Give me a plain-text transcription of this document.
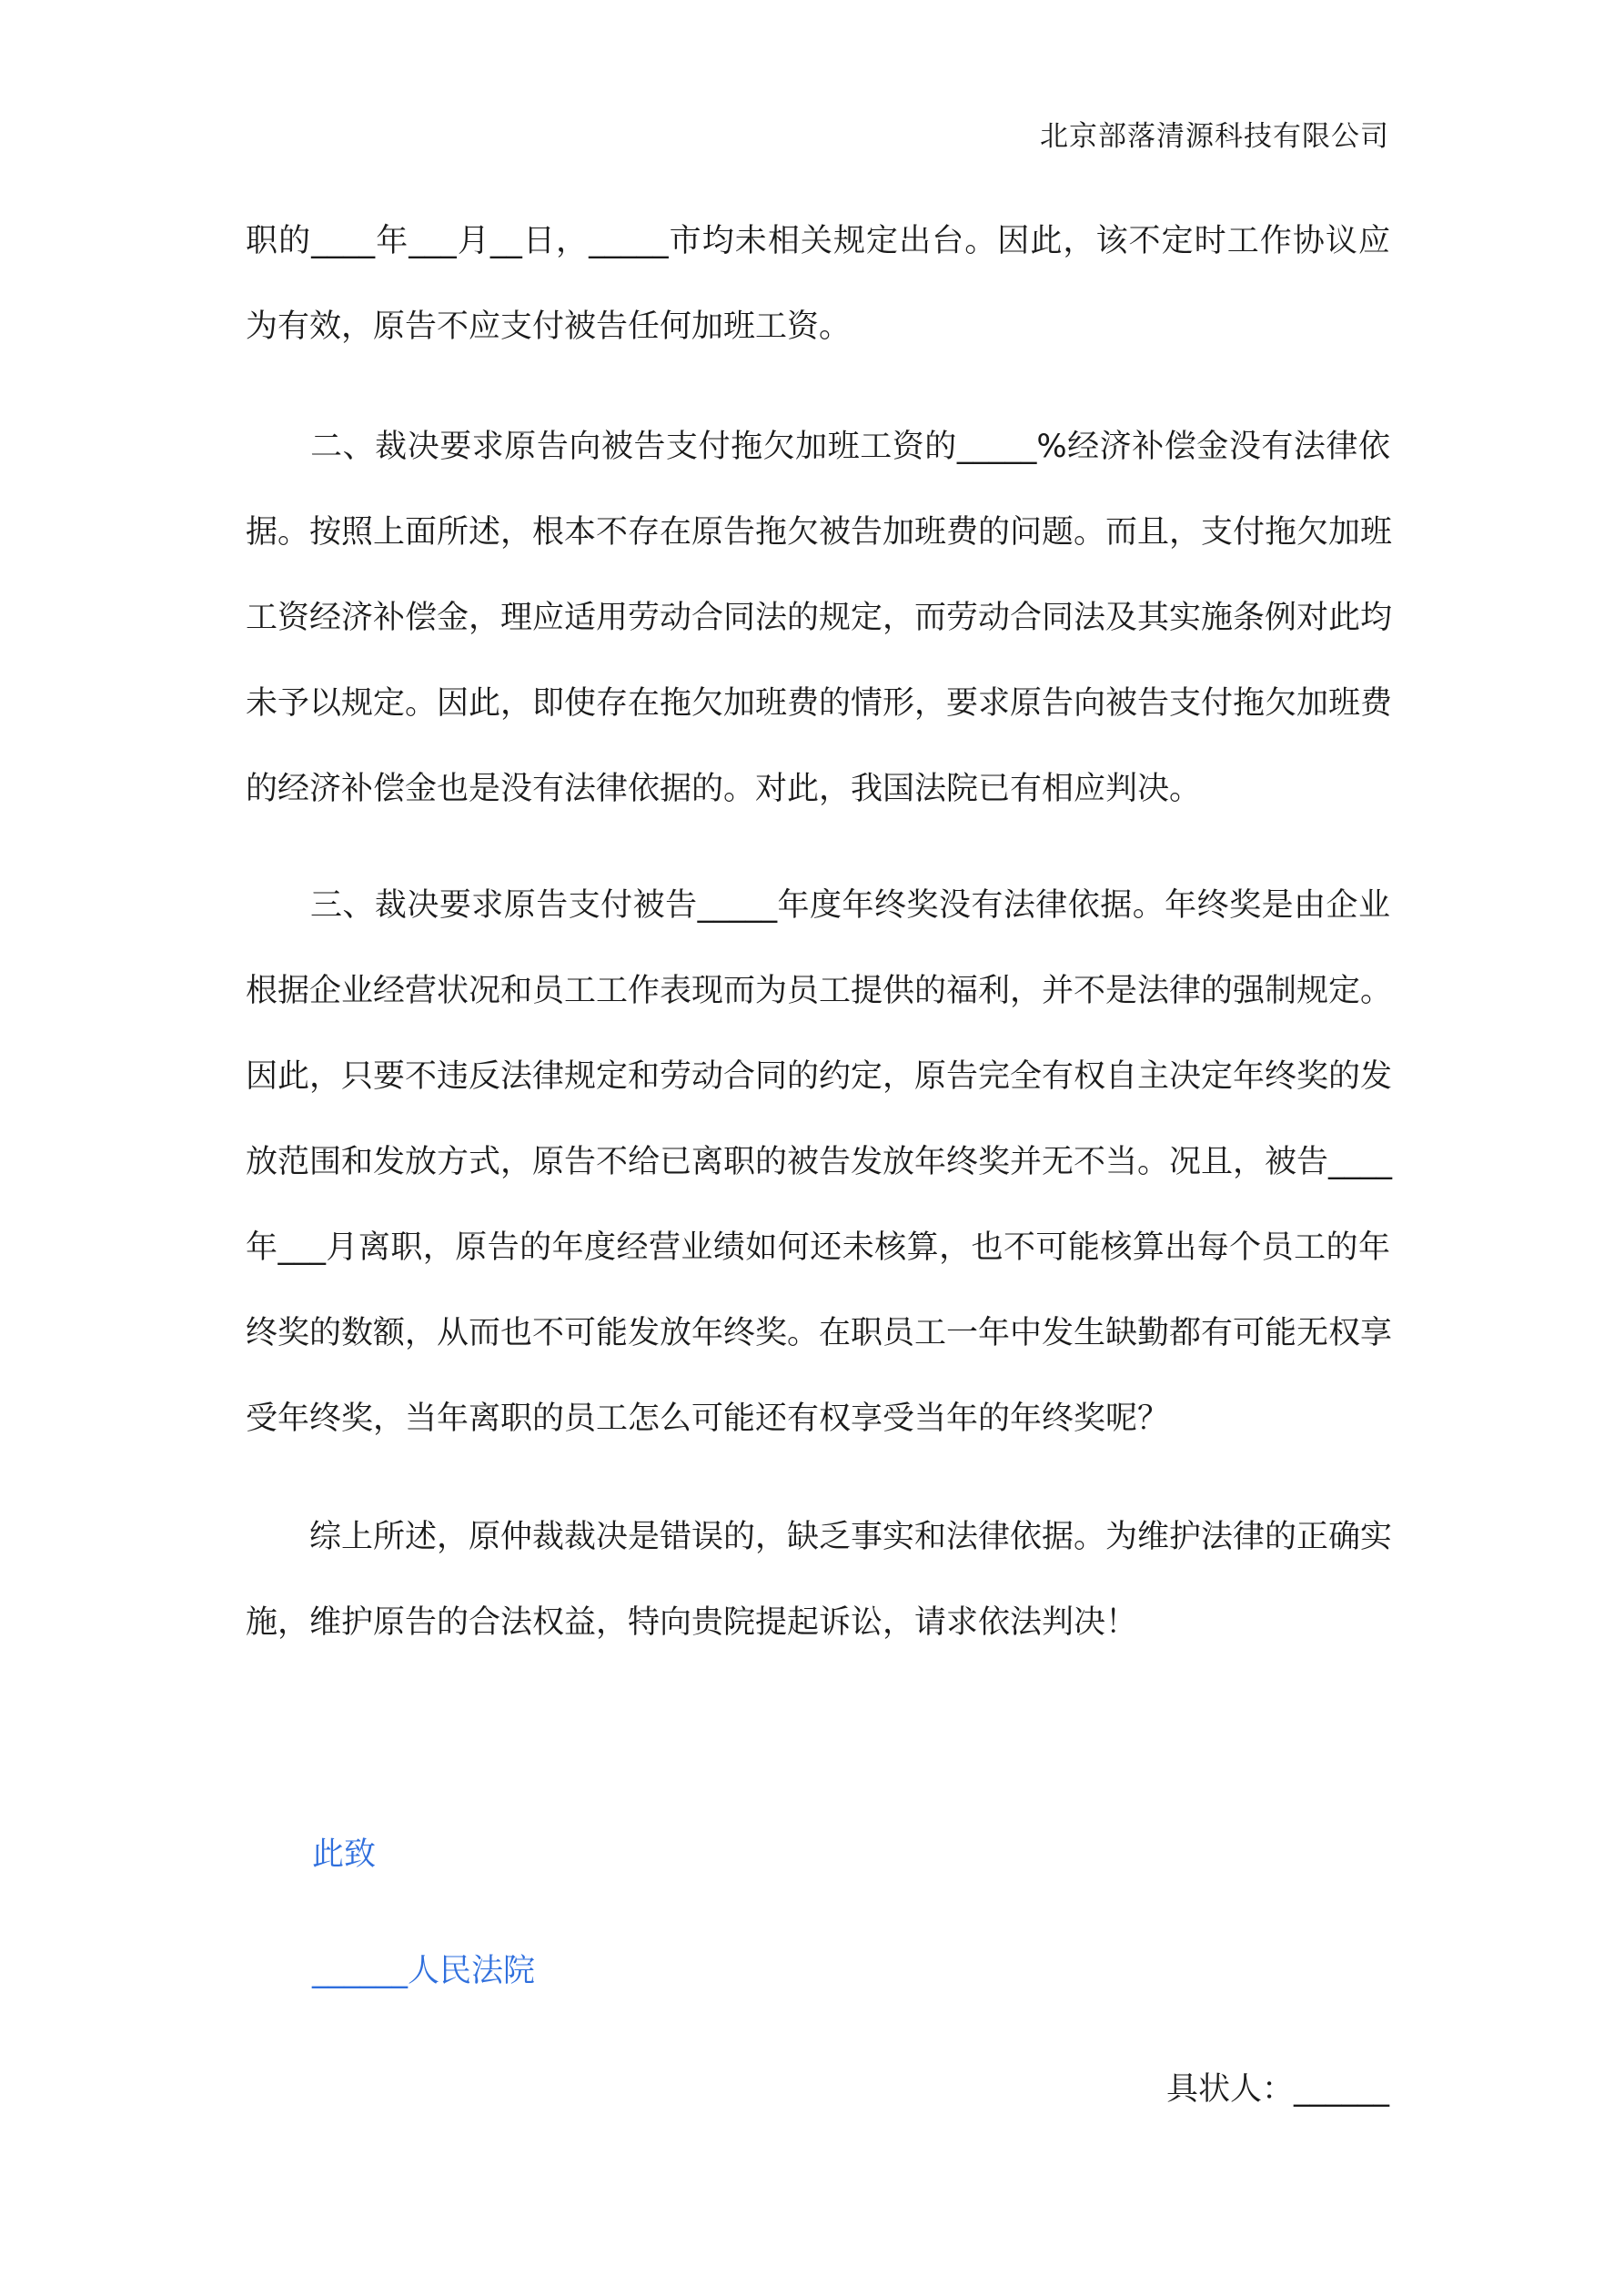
北京部落清源科技有限公司
职的____年___月__日，_____市均未相关规定出台。因此，该不定时工作协议应
为有效，原告不应支付被告任何加班工资。
　　二、裁决要求原告向被告支付拖欠加班工资的_____%经济补偿金没有法律依
据。按照上面所述，根本不存在原告拖欠被告加班费的问题。而且，支付拖欠加班
工资经济补偿金，理应适用劳动合同法的规定，而劳动合同法及其实施条例对此均
未予以规定。因此，即使存在拖欠加班费的情形，要求原告向被告支付拖欠加班费
的经济补偿金也是没有法律依据的。对此，我国法院已有相应判决。
　　三、裁决要求原告支付被告_____年度年终奖没有法律依据。年终奖是由企业
根据企业经营状况和员工工作表现而为员工提供的福利，并不是法律的强制规定。
因此，只要不违反法律规定和劳动合同的约定，原告完全有权自主决定年终奖的发
放范围和发放方式，原告不给已离职的被告发放年终奖并无不当。况且，被告____
年___月离职，原告的年度经营业绩如何还未核算，也不可能核算出每个员工的年
终奖的数额，从而也不可能发放年终奖。在职员工一年中发生缺勤都有可能无权享
受年终奖，当年离职的员工怎么可能还有权享受当年的年终奖呢？
　　综上所述，原仲裁裁决是错误的，缺乏事实和法律依据。为维护法律的正确实
施，维护原告的合法权益，特向贵院提起诉讼，请求依法判决！
此致
______人民法院
具状人：______
